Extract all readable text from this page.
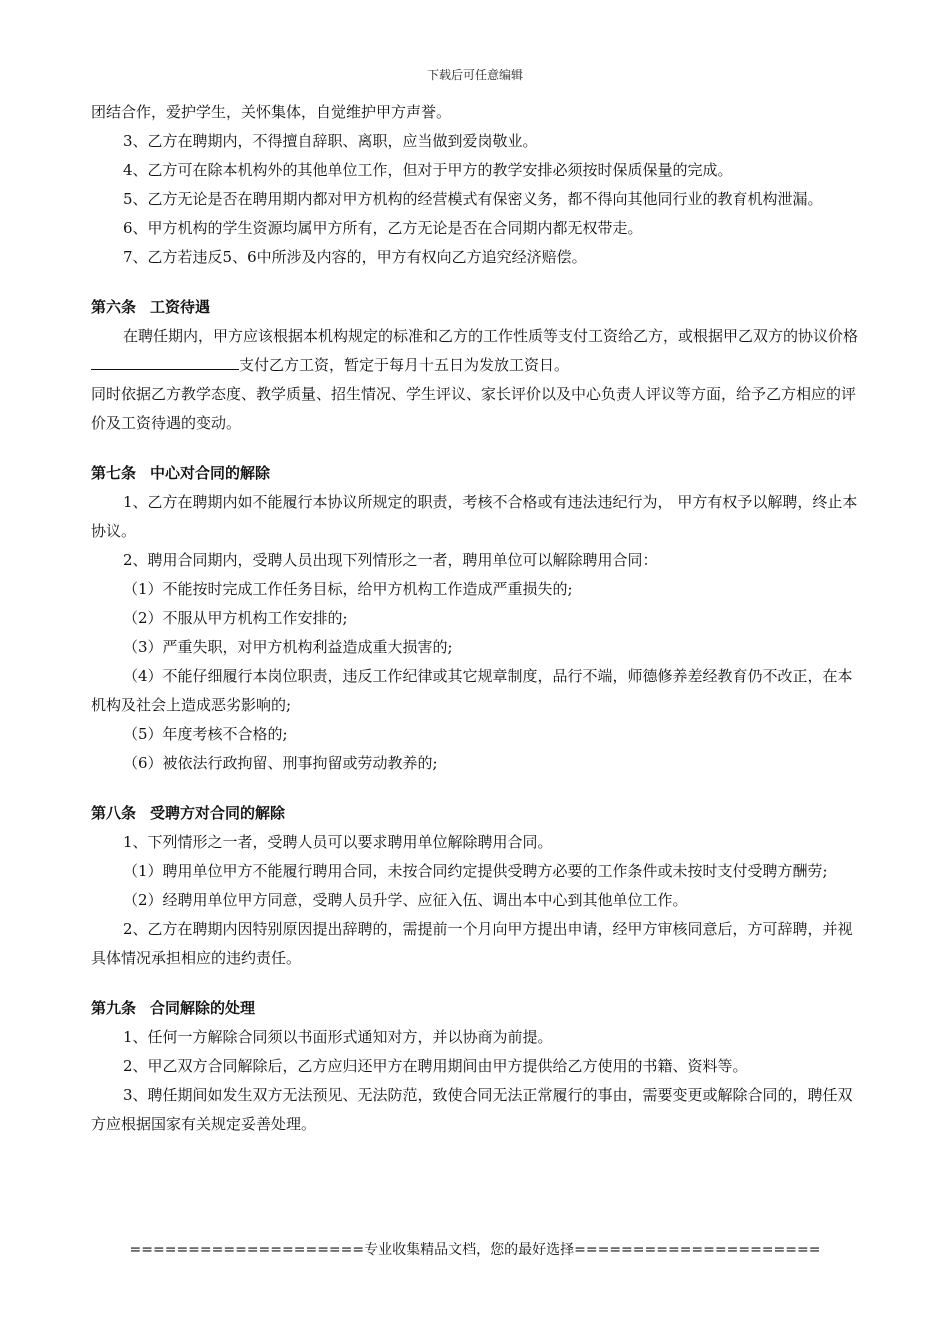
下载后可任意编辑

团结合作，爱护学生，关怀集体，自觉维护甲方声誉。

3、乙方在聘期内，不得擅自辞职、离职，应当做到爱岗敬业。

4、乙方可在除本机构外的其他单位工作，但对于甲方的教学安排必须按时保质保量的完成。

5、乙方无论是否在聘用期内都对甲方机构的经营模式有保密义务，都不得向其他同行业的教育机构泄漏。

6、甲方机构的学生资源均属甲方所有，乙方无论是否在合同期内都无权带走。

7、乙方若违反5、6中所涉及内容的，甲方有权向乙方追究经济赔偿。

第六条 工资待遇

在聘任期内，甲方应该根据本机构规定的标准和乙方的工作性质等支付工资给乙方，或根据甲乙双方的协议价格支付乙方工资，暂定于每月十五日为发放工资日。

同时依据乙方教学态度、教学质量、招生情况、学生评议、家长评价以及中心负责人评议等方面，给予乙方相应的评价及工资待遇的变动。

第七条 中心对合同的解除

1、乙方在聘期内如不能履行本协议所规定的职责，考核不合格或有违法违纪行为， 甲方有权予以解聘，终止本协议。

2、聘用合同期内，受聘人员出现下列情形之一者，聘用单位可以解除聘用合同：

（1）不能按时完成工作任务目标，给甲方机构工作造成严重损失的;

（2）不服从甲方机构工作安排的;

（3）严重失职，对甲方机构利益造成重大损害的;

（4）不能仔细履行本岗位职责，违反工作纪律或其它规章制度，品行不端，师德修养差经教育仍不改正，在本机构及社会上造成恶劣影响的;

（5）年度考核不合格的;

（6）被依法行政拘留、刑事拘留或劳动教养的;

第八条 受聘方对合同的解除

1、下列情形之一者，受聘人员可以要求聘用单位解除聘用合同。

（1）聘用单位甲方不能履行聘用合同，未按合同约定提供受聘方必要的工作条件或未按时支付受聘方酬劳;

（2）经聘用单位甲方同意，受聘人员升学、应征入伍、调出本中心到其他单位工作。

2、乙方在聘期内因特别原因提出辞聘的，需提前一个月向甲方提出申请，经甲方审核同意后，方可辞聘，并视具体情况承担相应的违约责任。

第九条 合同解除的处理

1、任何一方解除合同须以书面形式通知对方，并以协商为前提。

2、甲乙双方合同解除后，乙方应归还甲方在聘用期间由甲方提供给乙方使用的书籍、资料等。

3、聘任期间如发生双方无法预见、无法防范，致使合同无法正常履行的事由，需要变更或解除合同的，聘任双方应根据国家有关规定妥善处理。

====================专业收集精品文档，您的最好选择=====================
